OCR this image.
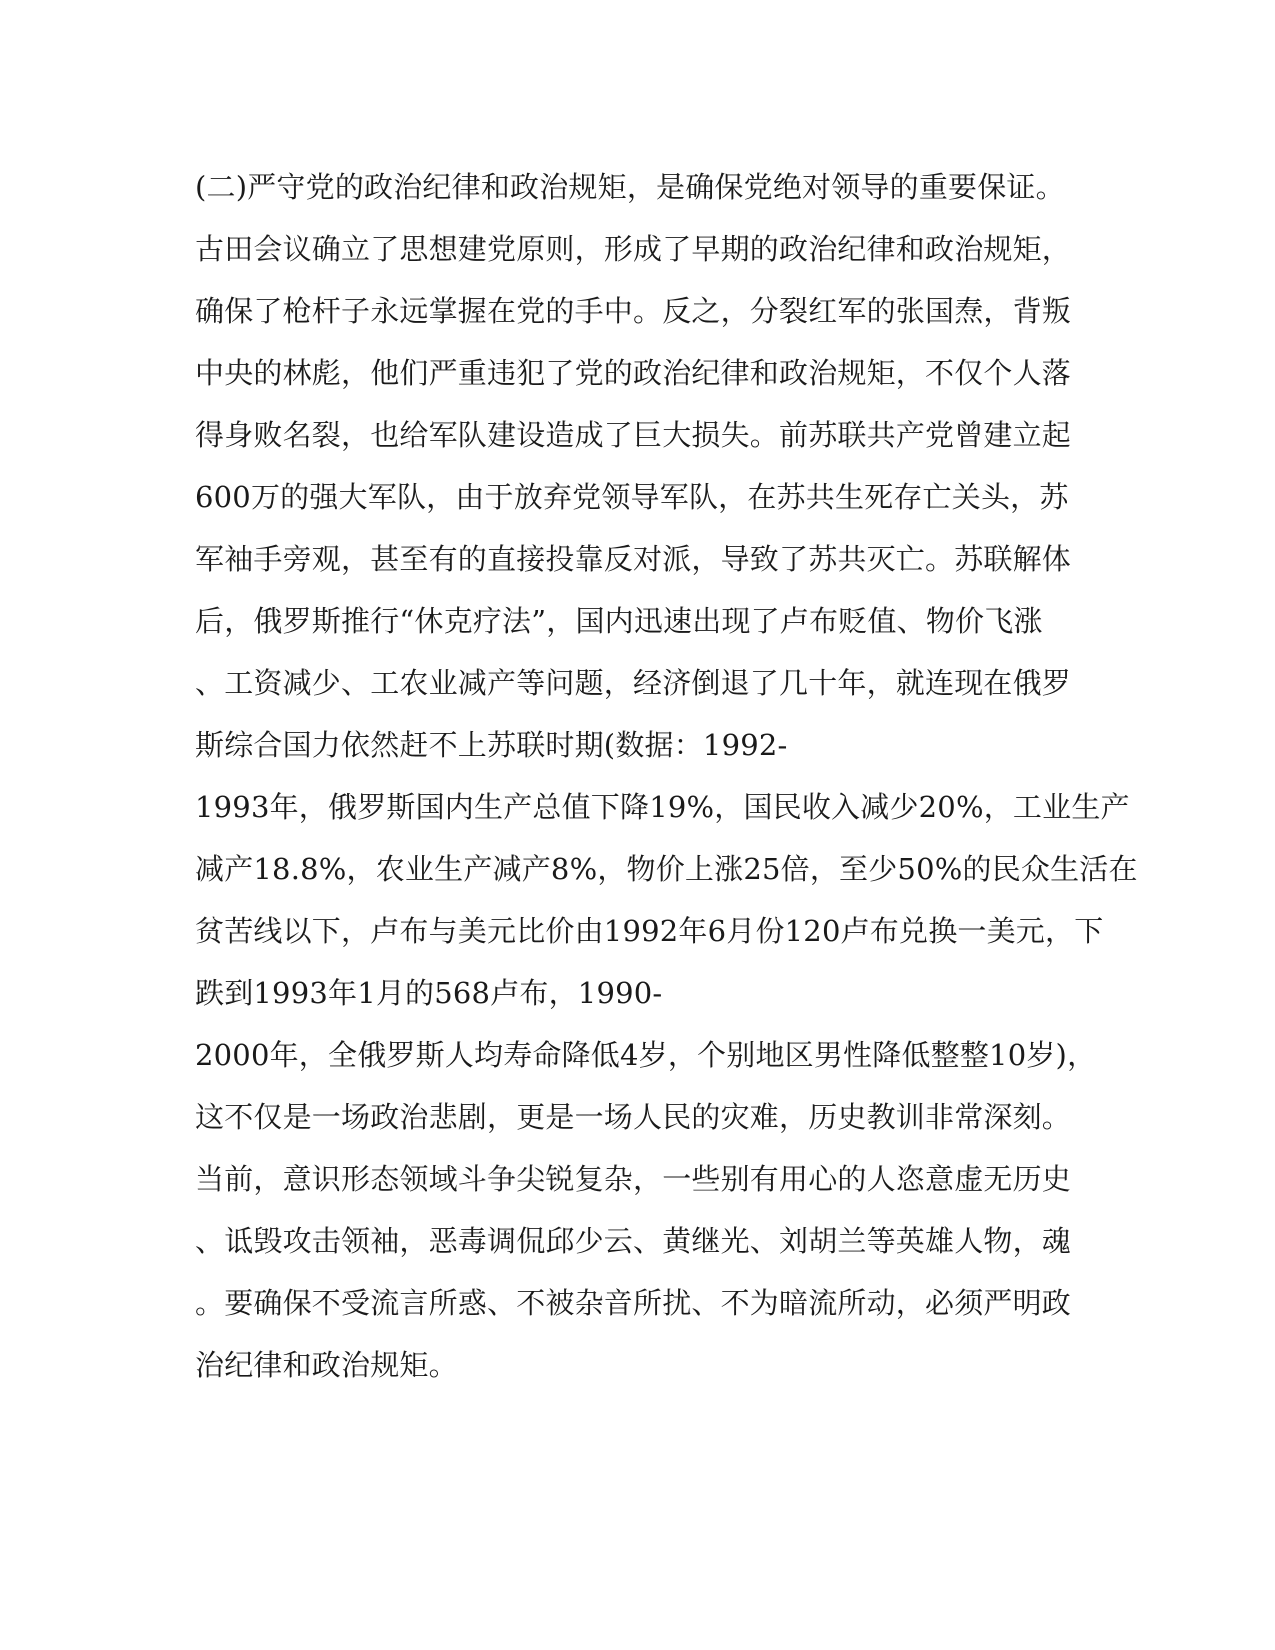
(二)严守党的政治纪律和政治规矩，是确保党绝对领导的重要保证。
古田会议确立了思想建党原则，形成了早期的政治纪律和政治规矩，
确保了枪杆子永远掌握在党的手中。反之，分裂红军的张国焘，背叛
中央的林彪，他们严重违犯了党的政治纪律和政治规矩，不仅个人落
得身败名裂，也给军队建设造成了巨大损失。前苏联共产党曾建立起
600万的强大军队，由于放弃党领导军队，在苏共生死存亡关头，苏
军袖手旁观，甚至有的直接投靠反对派，导致了苏共灭亡。苏联解体
后，俄罗斯推行“休克疗法”，国内迅速出现了卢布贬值、物价飞涨
、工资减少、工农业减产等问题，经济倒退了几十年，就连现在俄罗
斯综合国力依然赶不上苏联时期(数据：1992-
1993年，俄罗斯国内生产总值下降19%，国民收入减少20%，工业生产
减产18.8%，农业生产减产8%，物价上涨25倍，至少50%的民众生活在
贫苦线以下，卢布与美元比价由1992年6月份120卢布兑换一美元，下
跌到1993年1月的568卢布，1990-
2000年，全俄罗斯人均寿命降低4岁，个别地区男性降低整整10岁)，
这不仅是一场政治悲剧，更是一场人民的灾难，历史教训非常深刻。
当前，意识形态领域斗争尖锐复杂，一些别有用心的人恣意虚无历史
、诋毁攻击领袖，恶毒调侃邱少云、黄继光、刘胡兰等英雄人物，魂
。要确保不受流言所惑、不被杂音所扰、不为暗流所动，必须严明政
治纪律和政治规矩。
